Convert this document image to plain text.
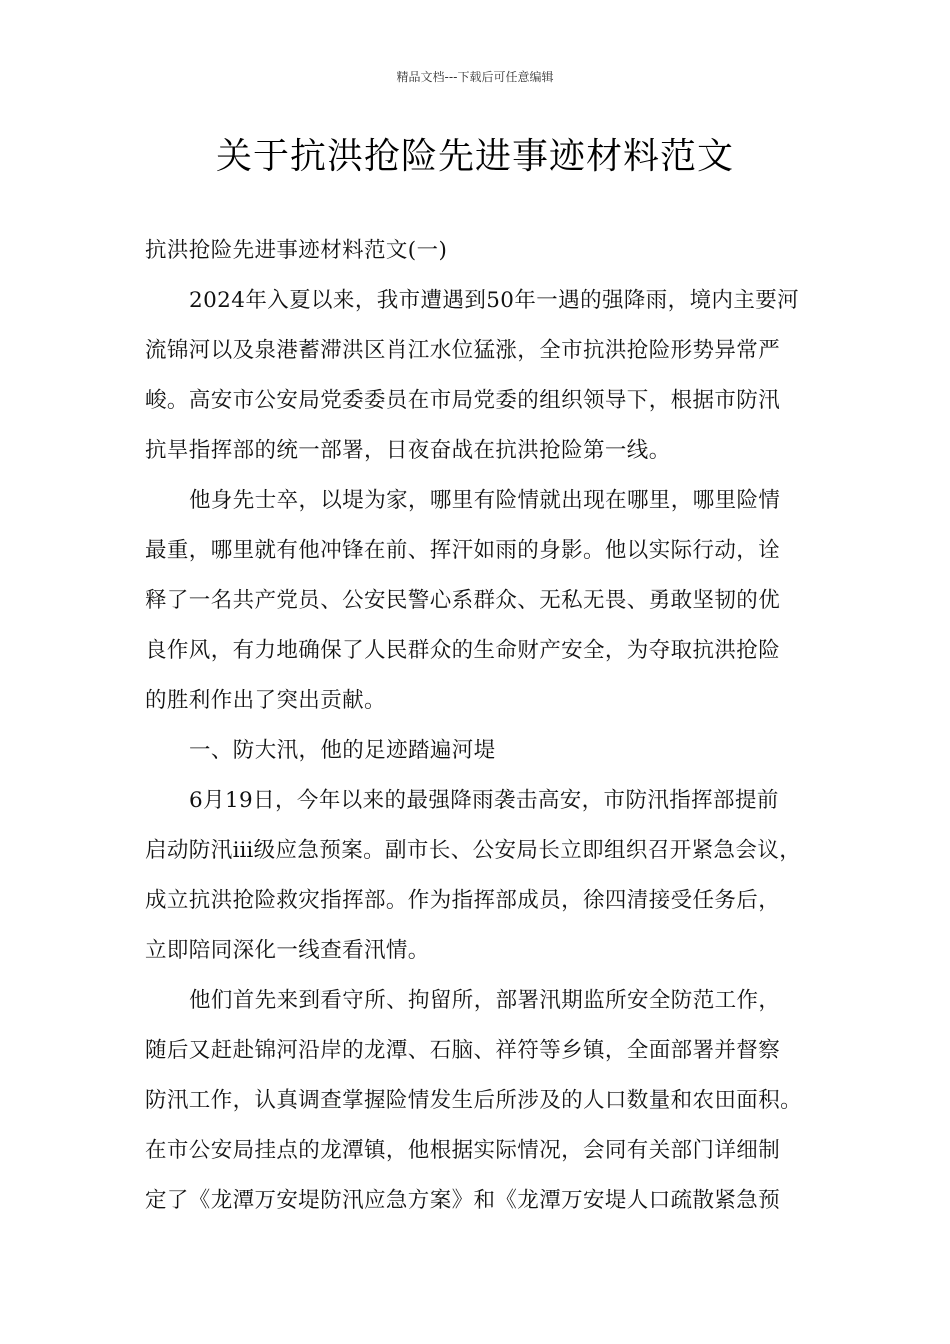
精品文档---下载后可任意编辑
关于抗洪抢险先进事迹材料范文
抗洪抢险先进事迹材料范文(一)
2024年入夏以来，我市遭遇到50年一遇的强降雨，境内主要河
流锦河以及泉港蓄滞洪区肖江水位猛涨，全市抗洪抢险形势异常严
峻。高安市公安局党委委员在市局党委的组织领导下，根据市防汛
抗旱指挥部的统一部署，日夜奋战在抗洪抢险第一线。
他身先士卒，以堤为家，哪里有险情就出现在哪里，哪里险情
最重，哪里就有他冲锋在前、挥汗如雨的身影。他以实际行动，诠
释了一名共产党员、公安民警心系群众、无私无畏、勇敢坚韧的优
良作风，有力地确保了人民群众的生命财产安全，为夺取抗洪抢险
的胜利作出了突出贡献。
一、防大汛，他的足迹踏遍河堤
6月19日，今年以来的最强降雨袭击高安，市防汛指挥部提前
启动防汛ⅲ级应急预案。副市长、公安局长立即组织召开紧急会议，
成立抗洪抢险救灾指挥部。作为指挥部成员，徐四清接受任务后，
立即陪同深化一线查看汛情。
他们首先来到看守所、拘留所，部署汛期监所安全防范工作，
随后又赶赴锦河沿岸的龙潭、石脑、祥符等乡镇，全面部署并督察
防汛工作，认真调查掌握险情发生后所涉及的人口数量和农田面积。
在市公安局挂点的龙潭镇，他根据实际情况，会同有关部门详细制
定了《龙潭万安堤防汛应急方案》和《龙潭万安堤人口疏散紧急预
